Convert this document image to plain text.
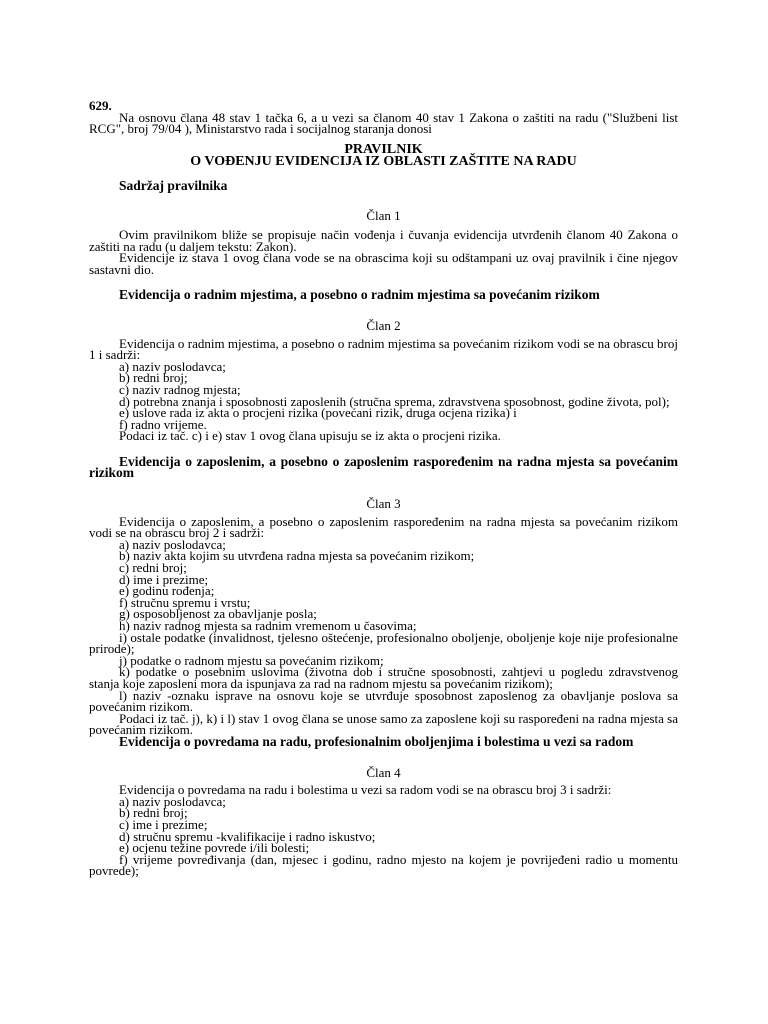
629.

Na osnovu člana 48 stav 1 tačka 6, a u vezi sa članom 40 stav 1 Zakona o zaštiti na radu ("Službeni list RCG", broj 79/04 ), Ministarstvo rada i socijalnog staranja donosi

PRAVILNIK
O VOĐENJU EVIDENCIJA IZ OBLASTI ZAŠTITE NA RADU
Sadržaj pravilnika
Član 1

Ovim pravilnikom bliže se propisuje način vođenja i čuvanja evidencija utvrđenih članom 40 Zakona o zaštiti na radu (u daljem tekstu: Zakon).

Evidencije iz stava 1 ovog člana vode se na obrascima koji su odštampani uz ovaj pravilnik i čine njegov sastavni dio.

Evidencija o radnim mjestima, a posebno o radnim mjestima sa povećanim rizikom
Član 2

Evidencija o radnim mjestima, a posebno o radnim mjestima sa povećanim rizikom vodi se na obrascu broj 1 i sadrži:

a) naziv poslodavca;
b) redni broj;
c) naziv radnog mjesta;
d) potrebna znanja i sposobnosti zaposlenih (stručna sprema, zdravstvena sposobnost, godine života, pol);
e) uslove rada iz akta o procjeni rizika (povećani rizik, druga ocjena rizika) i
f) radno vrijeme.

Podaci iz tač. c) i e) stav 1 ovog člana upisuju se iz akta o procjeni rizika.

Evidencija o zaposlenim, a posebno o zaposlenim raspoređenim na radna mjesta sa povećanim rizikom
Član 3

Evidencija o zaposlenim, a posebno o zaposlenim raspoređenim na radna mjesta sa povećanim rizikom vodi se na obrascu broj 2 i sadrži:

a) naziv poslodavca;
b) naziv akta kojim su utvrđena radna mjesta sa povećanim rizikom;
c) redni broj;
d) ime i prezime;
e) godinu rođenja;
f) stručnu spremu i vrstu;
g) osposobljenost za obavljanje posla;
h) naziv radnog mjesta sa radnim vremenom u časovima;
i) ostale podatke (invalidnost, tjelesno oštećenje, profesionalno oboljenje, oboljenje koje nije profesionalne prirode);
j) podatke o radnom mjestu sa povećanim rizikom;
k) podatke o posebnim uslovima (životna dob i stručne sposobnosti, zahtjevi u pogledu zdravstvenog stanja koje zaposleni mora da ispunjava za rad na radnom mjestu sa povećanim rizikom);
l) naziv -oznaku isprave na osnovu koje se utvrđuje sposobnost zaposlenog za obavljanje poslova sa povećanim rizikom.

Podaci iz tač. j), k) i l) stav 1 ovog člana se unose samo za zaposlene koji su raspoređeni na radna mjesta sa povećanim rizikom.

Evidencija o povredama na radu, profesionalnim oboljenjima i bolestima u vezi sa radom
Član 4

Evidencija o povredama na radu i bolestima u vezi sa radom vodi se na obrascu broj 3 i sadrži:

a) naziv poslodavca;
b) redni broj;
c) ime i prezime;
d) stručnu spremu -kvalifikacije i radno iskustvo;
e) ocjenu težine povrede i/ili bolesti;
f) vrijeme povređivanja (dan, mjesec i godinu, radno mjesto na kojem je povrijeđeni radio u momentu povrede);
